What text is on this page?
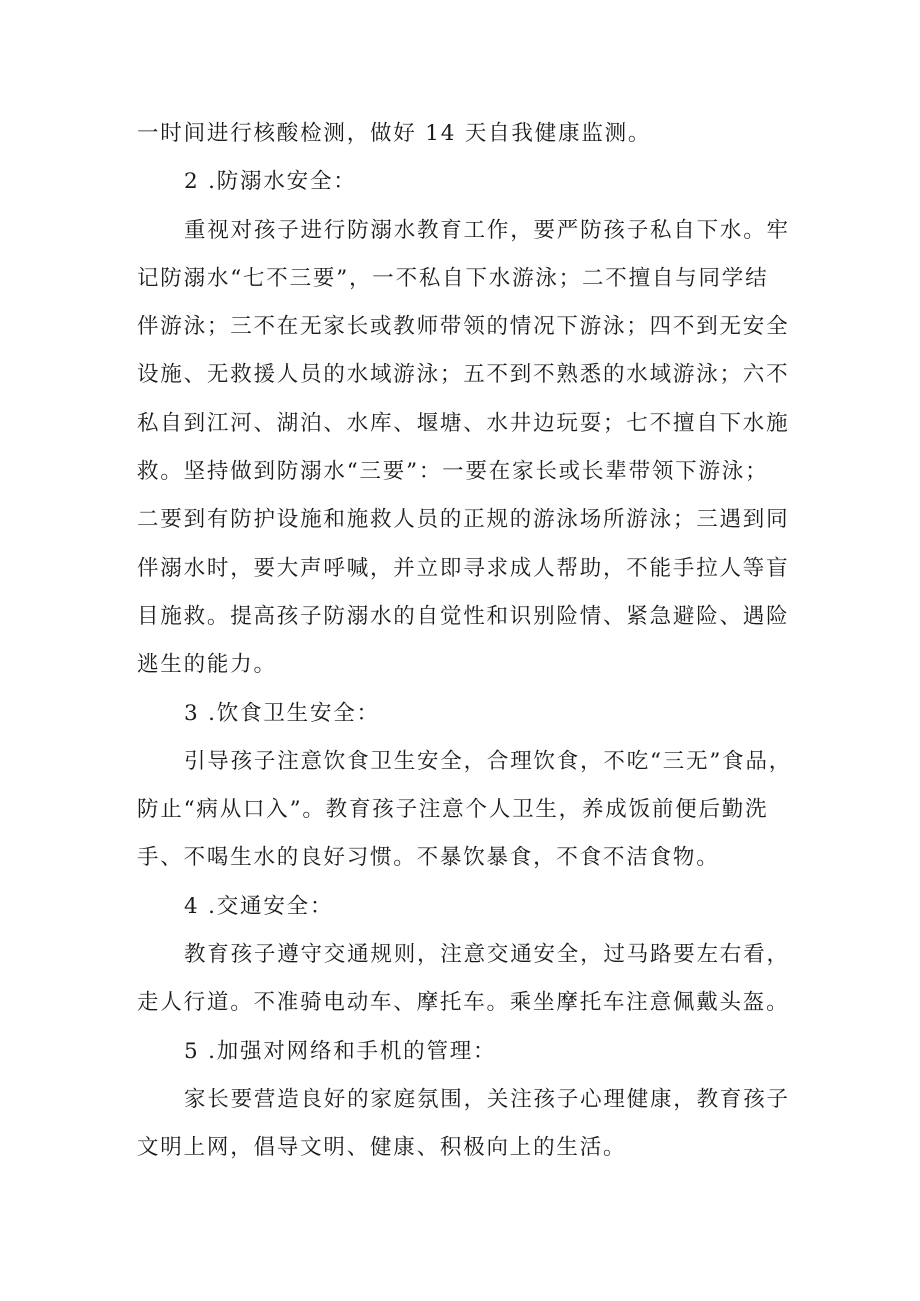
一时间进行核酸检测，做好 14 天自我健康监测。

2 .防溺水安全：

重视对孩子进行防溺水教育工作，要严防孩子私自下水。牢
记防溺水“七不三要”，一不私自下水游泳；二不擅自与同学结
伴游泳；三不在无家长或教师带领的情况下游泳；四不到无安全
设施、无救援人员的水域游泳；五不到不熟悉的水域游泳；六不
私自到江河、湖泊、水库、堰塘、水井边玩耍；七不擅自下水施
救。坚持做到防溺水“三要”：一要在家长或长辈带领下游泳；
二要到有防护设施和施救人员的正规的游泳场所游泳；三遇到同
伴溺水时，要大声呼喊，并立即寻求成人帮助，不能手拉人等盲
目施救。提高孩子防溺水的自觉性和识别险情、紧急避险、遇险
逃生的能力。

3 .饮食卫生安全：

引导孩子注意饮食卫生安全，合理饮食，不吃“三无”食品，
防止“病从口入”。教育孩子注意个人卫生，养成饭前便后勤洗
手、不喝生水的良好习惯。不暴饮暴食，不食不洁食物。

4 .交通安全：

教育孩子遵守交通规则，注意交通安全，过马路要左右看，
走人行道。不准骑电动车、摩托车。乘坐摩托车注意佩戴头盔。

5 .加强对网络和手机的管理：

家长要营造良好的家庭氛围，关注孩子心理健康，教育孩子
文明上网，倡导文明、健康、积极向上的生活。
